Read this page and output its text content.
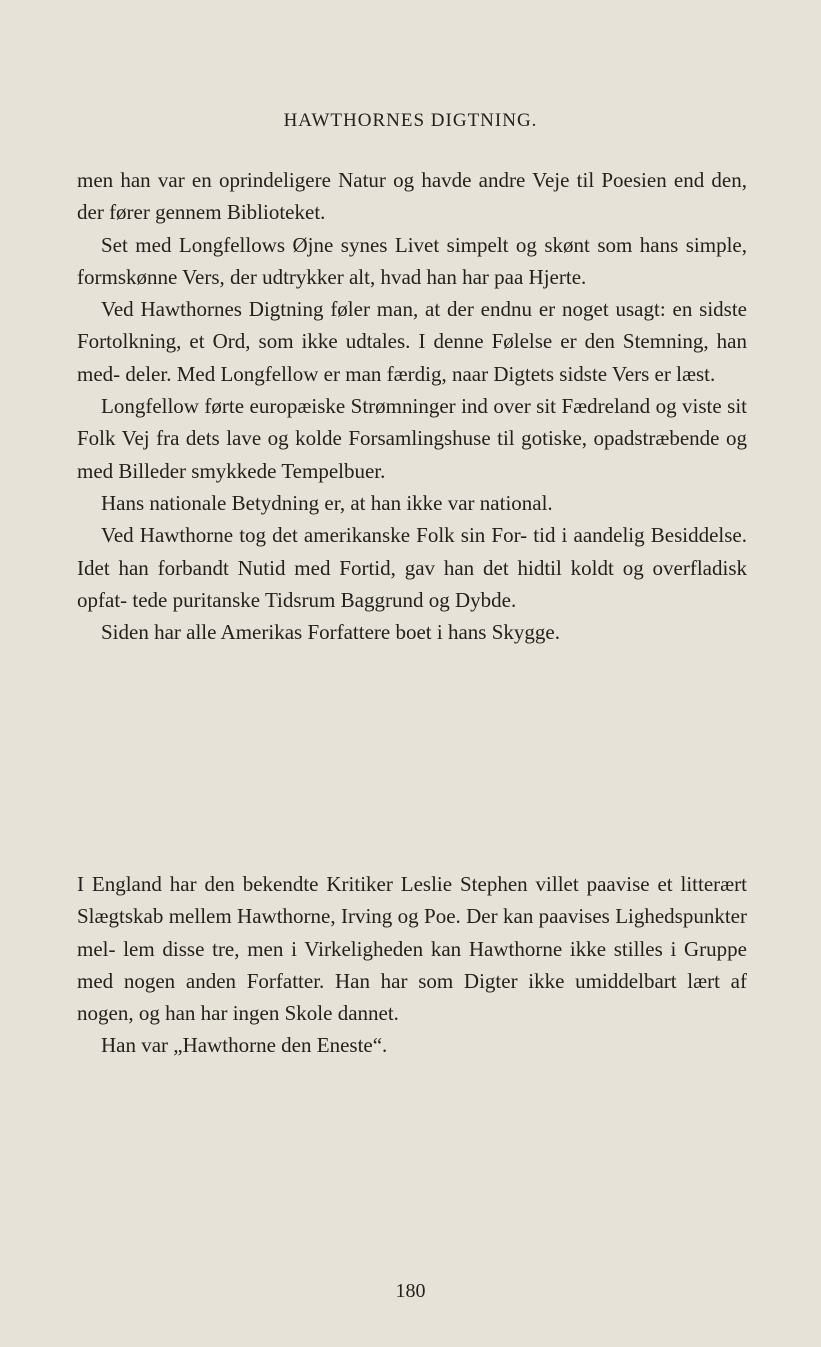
HAWTHORNES DIGTNING.

men han var en oprindeligere Natur og havde andre Veje til Poesien end den, der fører gennem Biblioteket.

Set med Longfellows Øjne synes Livet simpelt og skønt som hans simple, formskønne Vers, der udtrykker alt, hvad han har paa Hjerte.

Ved Hawthornes Digtning føler man, at der endnu er noget usagt: en sidste Fortolkning, et Ord, som ikke udtales. I denne Følelse er den Stemning, han med- deler. Med Longfellow er man færdig, naar Digtets sidste Vers er læst.

Longfellow førte europæiske Strømninger ind over sit Fædreland og viste sit Folk Vej fra dets lave og kolde Forsamlingshuse til gotiske, opadstræbende og med Billeder smykkede Tempelbuer.

Hans nationale Betydning er, at han ikke var national.

Ved Hawthorne tog det amerikanske Folk sin For- tid i aandelig Besiddelse. Idet han forbandt Nutid med Fortid, gav han det hidtil koldt og overfladisk opfat- tede puritanske Tidsrum Baggrund og Dybde.

Siden har alle Amerikas Forfattere boet i hans Skygge.

I England har den bekendte Kritiker Leslie Stephen villet paavise et litterært Slægtskab mellem Hawthorne, Irving og Poe. Der kan paavises Lighedspunkter mel- lem disse tre, men i Virkeligheden kan Hawthorne ikke stilles i Gruppe med nogen anden Forfatter. Han har som Digter ikke umiddelbart lært af nogen, og han har ingen Skole dannet.

Han var „Hawthorne den Eneste“.

180
